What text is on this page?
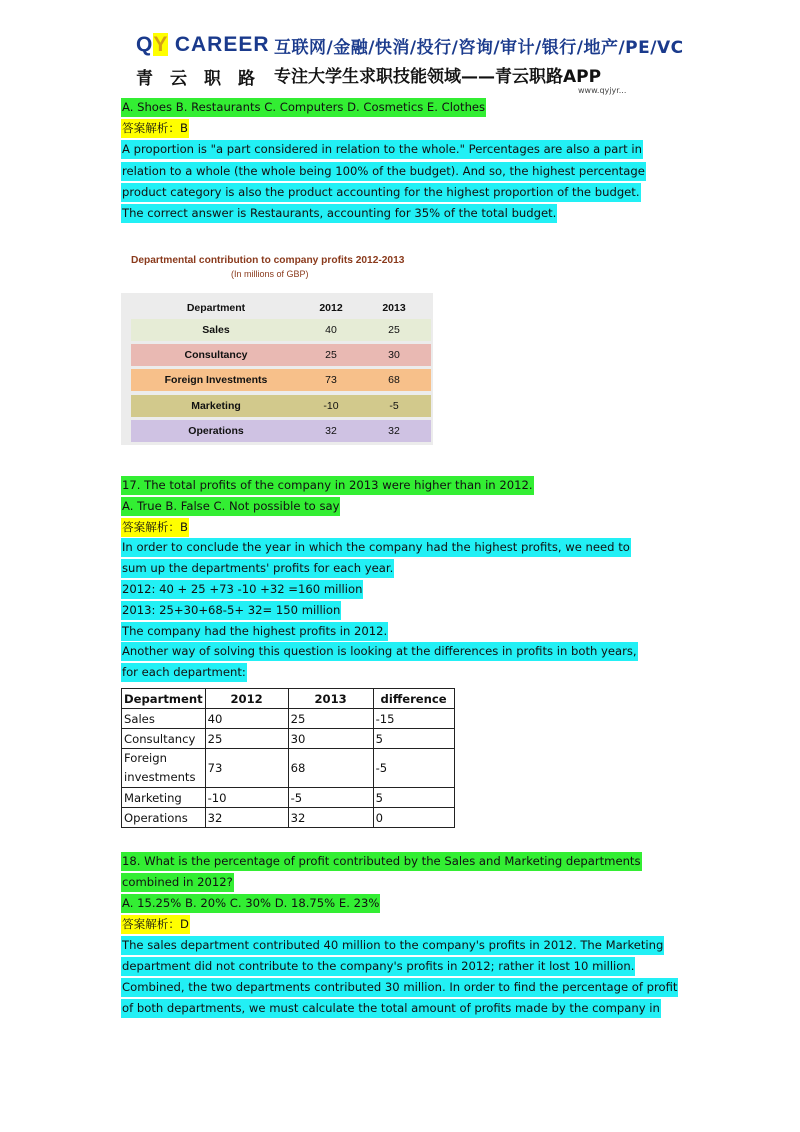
QY CAREER
青云职路
互联网/金融/快消/投行/咨询/审计/银行/地产/PE/VC
专注大学生求职技能领域——青云职路APP
www.qyjyr...
A. Shoes B. Restaurants C. Computers D. Cosmetics E. Clothes
答案解析：B
A proportion is "a part considered in relation to the whole." Percentages are also a part in
relation to a whole (the whole being 100% of the budget). And so, the highest percentage
product category is also the product accounting for the highest proportion of the budget.
The correct answer is Restaurants, accounting for 35% of the total budget.
Departmental contribution to company profits 2012-2013
(In millions of GBP)
Department	2012	2013
Sales	40	25
Consultancy	25	30
Foreign Investments	73	68
Marketing	-10	-5
Operations	32	32
17. The total profits of the company in 2013 were higher than in 2012.
A. True B. False C. Not possible to say
答案解析：B
In order to conclude the year in which the company had the highest profits, we need to
sum up the departments' profits for each year.
2012: 40 + 25 +73 -10 +32 =160 million
2013: 25+30+68-5+ 32= 150 million
The company had the highest profits in 2012.
Another way of solving this question is looking at the differences in profits in both years,
for each department:
Department	2012	2013	difference
Sales	40	25	-15
Consultancy	25	30	5
Foreign investments	73	68	-5
Marketing	-10	-5	5
Operations	32	32	0
18. What is the percentage of profit contributed by the Sales and Marketing departments
combined in 2012?
A. 15.25% B. 20% C. 30% D. 18.75% E. 23%
答案解析：D
The sales department contributed 40 million to the company's profits in 2012. The Marketing
department did not contribute to the company's profits in 2012; rather it lost 10 million.
Combined, the two departments contributed 30 million. In order to find the percentage of profit
of both departments, we must calculate the total amount of profits made by the company in
